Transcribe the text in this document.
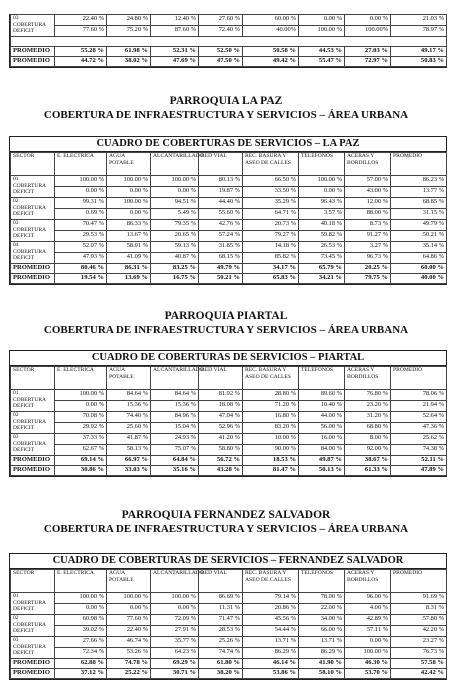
03
COBERTURA
DEFICIT	22.40 %	24.80 %	12.40 %	27.60 %	60.00 %	0.00 %	0.00 %	21.03 %
	77.60 %	75.20 %	87.60 %	72.40 %	40.00%	100.00 %	100.00%	78.97 %

PROMEDIO	55.28 %	61.98 %	52.31 %	52.50 %	50.58 %	44.53 %	27.03 %	49.17 %
PROMEDIO	44.72 %	38.02 %	47.69 %	47.50 %	49.42 %	55.47 %	72.97 %	50.83 %
PARROQUIA LA PAZ
COBERTURA DE INFRAESTRUCTURA Y SERVICIOS – ÁREA URBANA
CUADRO DE COBERTURAS DE SERVICIOS – LA PAZ
SECTOR	E. ELECTRICA	AGUA POTABLE	ALCANTARILLADO	RED VIAL	REC. BASURA Y ASEO DE CALLES	TELEFONOS	ACERAS Y BORDILLOS	PROMEDIO

01
COBERTURA
DEFICIT	100.00 %	100.00 %	100.00 %	80.13 %	66.50 %	100.00 %	57.00 %	86.23 %
	0.00 %	0.00 %	0.00 %	19.87 %	33.50 %	0.00 %	43.00 %	13.77 %

02
COBERTURA
DEFICIT	99.31 %	100.00 %	94.51 %	44.40 %	35.29 %	96.43 %	12.00 %	68.85 %
	0.69 %	0.00 %	5.49 %	55.60 %	64.71 %	3.57 %	88.00 %	31.15 %

03
COBERTURA
DEFICIT	70.47 %	86.33 %	79.35 %	42.76 %	20.73 %	40.18 %	8.73 %	49.79 %
	29.53 %	13.67 %	20.65 %	57.24 %	79.27 %	59.82 %	91.27 %	50.21 %

04
COBERTURA
DEFICIT	52.07 %	58.91 %	59.13 %	31.85 %	14.18 %	26.53 %	3.27 %	35.14 %
	47.93 %	41.09 %	40.87 %	68.15 %	85.82 %	73.45 %	96.73 %	64.86 %
PROMEDIO	80.46 %	86.31 %	83.25 %	49.79 %	34.17 %	65.79 %	20.25 %	60.00 %
PROMEDIO	19.54 %	13.69 %	16.75 %	50.21 %	65.83 %	34.21 %	79.75 %	40.00 %
PARROQUIA PIARTAL
COBERTURA DE INFRAESTRUCTURA Y SERVICIOS – ÁREA URBANA
CUADRO DE COBERTURAS DE SERVICIOS – PIARTAL
SECTOR	E. ELECTRICA	AGUA POTABLE	ALCANTARILLADO	RED VIAL	REC. BASURA Y ASEO DE CALLES	TELEFONOS	ACERAS Y BORDILLOS	PROMEDIO

01
COBERTURA
DEFICIT	100.00 %	84.64 %	84.64 %	81.92 %	28.80 %	89.60 %	76.80 %	78.06 %
	0.00 %	15.36 %	15.36 %	18.08 %	71.20 %	10.40 %	23.20 %	21.94 %

02
COBERTURA
DEFICIT	70.08 %	74.40 %	84.96 %	47.04 %	16.80 %	44.00 %	31.20 %	52.64 %
	29.92 %	25.60 %	15.04 %	52.96 %	83.20 %	56.00 %	68.80 %	47.36 %

03
COBERTURA
DEFICIT	37.33 %	41.87 %	24.93 %	41.20 %	10.00 %	16.00 %	8.00 %	25.62 %
	62.67 %	58.13 %	75.07 %	58.80 %	90.00 %	84.00 %	92.00 %	74.38 %
PROMEDIO	69.14 %	66.97 %	64.84 %	56.72 %	18.53 %	49.87 %	38.67 %	52.11 %
PROMEDIO	30.86 %	33.03 %	35.16 %	43.28 %	81.47 %	50.13 %	61.33 %	47.89 %
PARROQUIA FERNANDEZ SALVADOR
COBERTURA DE INFRAESTRUCTURA Y SERVICIOS – ÁREA URBANA
CUADRO DE COBERTURAS DE SERVICIOS – FERNANDEZ SALVADOR
SECTOR	E. ELECTRICA	AGUA POTABLE	ALCANTARILLADO	RED VIAL	REC. BASURA Y ASEO DE CALLES	TELEFONOS	ACERAS Y BORDILLOS	PROMEDIO

01
COBERTURA
DEFICIT	100.00 %	100.00 %	100.00 %	86.69 %	79.14 %	78.00 %	96.00 %	91.69 %
	0.00 %	0.00 %	0.00 %	11.31 %	20.86 %	22.00 %	4.00 %	8.31 %

02
COBERTURA
DEFICIT	60.98 %	77.60 %	72.09 %	71.47 %	45.56 %	34.00 %	42.89 %	57.80 %
	39.02 %	22.40 %	27.91 %	28.53 %	54.44 %	66.00 %	57.11 %	42.20 %

03
COBERTURA
DEFICIT	27.66 %	46.74 %	35.77 %	25.26 %	13.71 %	13.71 %	0.00 %	23.27 %
	72.34 %	53.26 %	64.23 %	74.74 %	86.29 %	86.29 %	100.00 %	76.73 %
PROMEDIO	62.88 %	74.78 %	69.29 %	61.80 %	46.14 %	41.90 %	46.30 %	57.58 %
PROMEDIO	37.12 %	25.22 %	30.71 %	38.20 %	53.86 %	58.10 %	53.70 %	42.42 %
